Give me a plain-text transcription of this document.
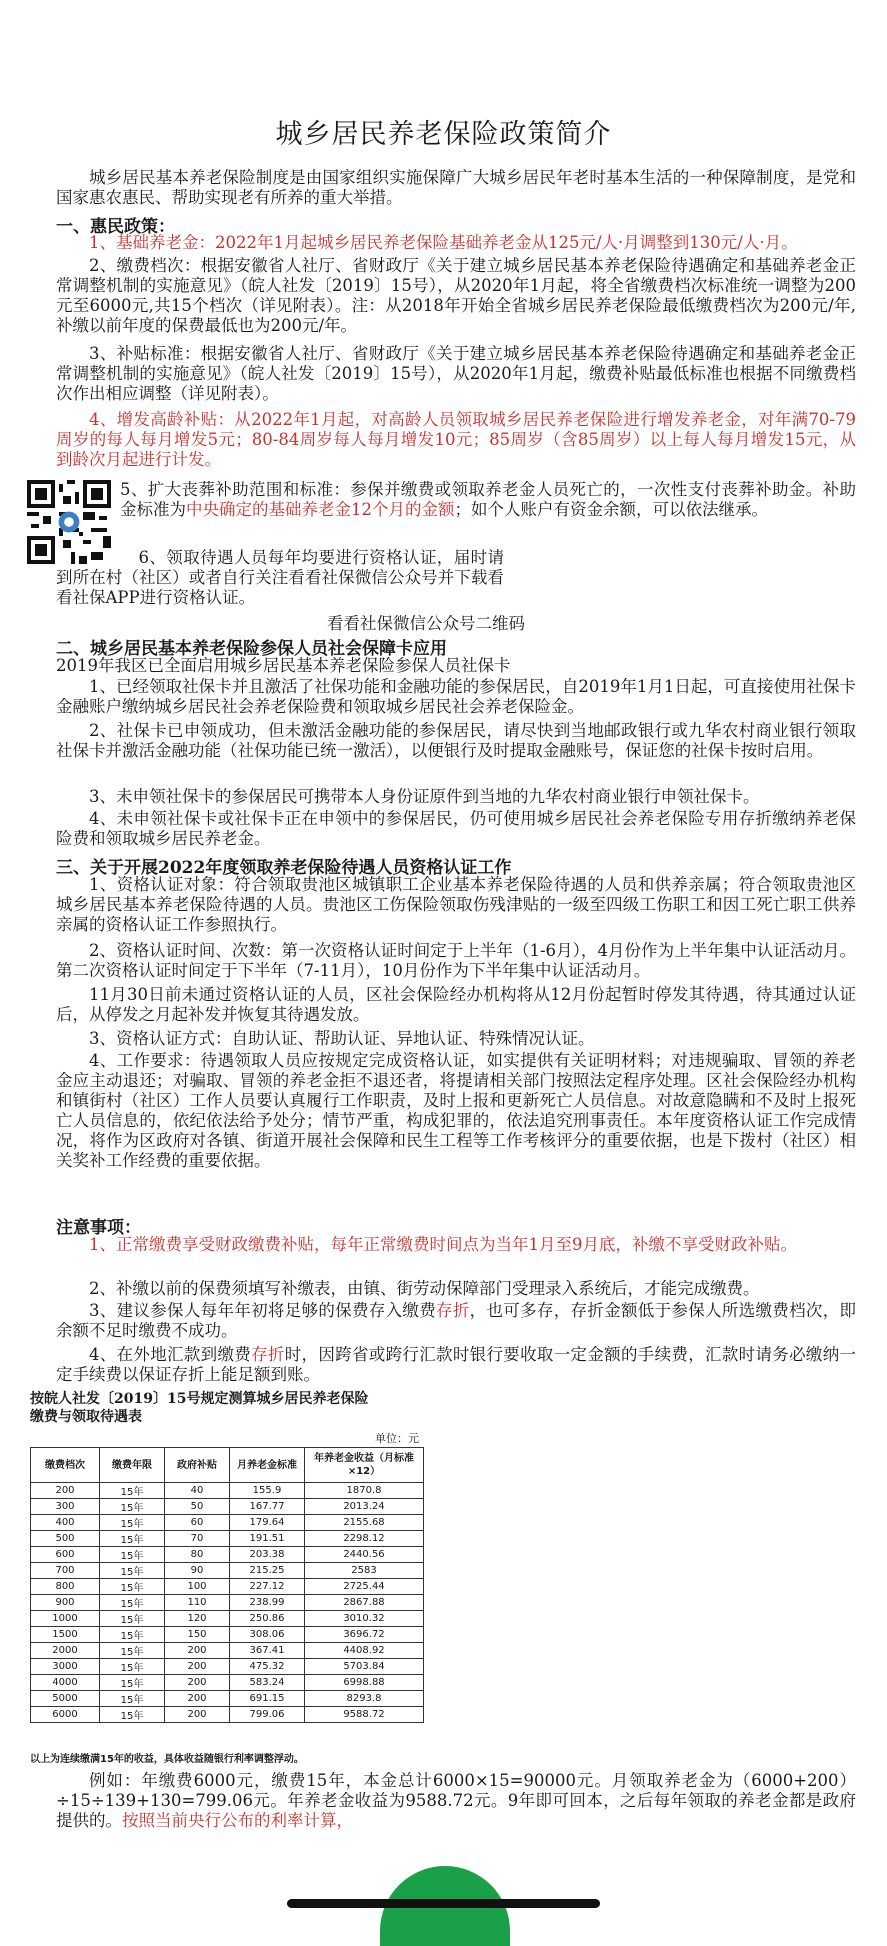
城乡居民养老保险政策简介
城乡居民基本养老保险制度是由国家组织实施保障广大城乡居民年老时基本生活的一种保障制度，是党和国家惠农惠民、帮助实现老有所养的重大举措。
一、惠民政策：
1、基础养老金：2022年1月起城乡居民养老保险基础养老金从125元/人·月调整到130元/人·月。
2、缴费档次：根据安徽省人社厅、省财政厅《关于建立城乡居民基本养老保险待遇确定和基础养老金正常调整机制的实施意见》（皖人社发〔2019〕15号），从2020年1月起，将全省缴费档次标准统一调整为200元至6000元,共15个档次（详见附表）。注：从2018年开始全省城乡居民养老保险最低缴费档次为200元/年,补缴以前年度的保费最低也为200元/年。
3、补贴标准：根据安徽省人社厅、省财政厅《关于建立城乡居民基本养老保险待遇确定和基础养老金正常调整机制的实施意见》（皖人社发〔2019〕15号），从2020年1月起，缴费补贴最低标准也根据不同缴费档次作出相应调整（详见附表）。
4、增发高龄补贴：从2022年1月起，对高龄人员领取城乡居民养老保险进行增发养老金，对年满70-79周岁的每人每月增发5元；80-84周岁每人每月增发10元；85周岁（含85周岁）以上每人每月增发15元，从到龄次月起进行计发。
5、扩大丧葬补助范围和标准：参保并缴费或领取养老金人员死亡的，一次性支付丧葬补助金。补助金标准为中央确定的基础养老金12个月的金额；如个人账户有资金余额，可以依法继承。
6、领取待遇人员每年均要进行资格认证，届时请到所在村（社区）或者自行关注看看社保微信公众号并下载看看社保APP进行资格认证。
看看社保微信公众号二维码
二、城乡居民基本养老保险参保人员社会保障卡应用
2019年我区已全面启用城乡居民基本养老保险参保人员社保卡
1、已经领取社保卡并且激活了社保功能和金融功能的参保居民，自2019年1月1日起，可直接使用社保卡金融账户缴纳城乡居民社会养老保险费和领取城乡居民社会养老保险金。
2、社保卡已申领成功，但未激活金融功能的参保居民，请尽快到当地邮政银行或九华农村商业银行领取社保卡并激活金融功能（社保功能已统一激活），以便银行及时提取金融账号，保证您的社保卡按时启用。
3、未申领社保卡的参保居民可携带本人身份证原件到当地的九华农村商业银行申领社保卡。
4、未申领社保卡或社保卡正在申领中的参保居民，仍可使用城乡居民社会养老保险专用存折缴纳养老保险费和领取城乡居民养老金。
三、关于开展2022年度领取养老保险待遇人员资格认证工作
1、资格认证对象：符合领取贵池区城镇职工企业基本养老保险待遇的人员和供养亲属；符合领取贵池区城乡居民基本养老保险待遇的人员。贵池区工伤保险领取伤残津贴的一级至四级工伤职工和因工死亡职工供养亲属的资格认证工作参照执行。
2、资格认证时间、次数：第一次资格认证时间定于上半年（1-6月），4月份作为上半年集中认证活动月。第二次资格认证时间定于下半年（7-11月），10月份作为下半年集中认证活动月。
11月30日前未通过资格认证的人员，区社会保险经办机构将从12月份起暂时停发其待遇，待其通过认证后，从停发之月起补发并恢复其待遇发放。
3、资格认证方式：自助认证、帮助认证、异地认证、特殊情况认证。
4、工作要求：待遇领取人员应按规定完成资格认证，如实提供有关证明材料；对违规骗取、冒领的养老金应主动退还；对骗取、冒领的养老金拒不退还者，将提请相关部门按照法定程序处理。区社会保险经办机构和镇街村（社区）工作人员要认真履行工作职责，及时上报和更新死亡人员信息。对故意隐瞒和不及时上报死亡人员信息的，依纪依法给予处分；情节严重，构成犯罪的，依法追究刑事责任。本年度资格认证工作完成情况，将作为区政府对各镇、街道开展社会保障和民生工程等工作考核评分的重要依据，也是下拨村（社区）相关奖补工作经费的重要依据。
注意事项：
1、正常缴费享受财政缴费补贴，每年正常缴费时间点为当年1月至9月底，补缴不享受财政补贴。
2、补缴以前的保费须填写补缴表，由镇、街劳动保障部门受理录入系统后，才能完成缴费。
3、建议参保人每年年初将足够的保费存入缴费存折，也可多存，存折金额低于参保人所选缴费档次，即余额不足时缴费不成功。
4、在外地汇款到缴费存折时，因跨省或跨行汇款时银行要收取一定金额的手续费，汇款时请务必缴纳一定手续费以保证存折上能足额到账。
按皖人社发〔2019〕15号规定测算城乡居民养老保险
缴费与领取待遇表
单位：元
缴费档次	缴费年限	政府补贴	月养老金标准	年养老金收益（月标准×12）
200	15年	40	155.9	1870.8
300	15年	50	167.77	2013.24
400	15年	60	179.64	2155.68
500	15年	70	191.51	2298.12
600	15年	80	203.38	2440.56
700	15年	90	215.25	2583
800	15年	100	227.12	2725.44
900	15年	110	238.99	2867.88
1000	15年	120	250.86	3010.32
1500	15年	150	308.06	3696.72
2000	15年	200	367.41	4408.92
3000	15年	200	475.32	5703.84
4000	15年	200	583.24	6998.88
5000	15年	200	691.15	8293.8
6000	15年	200	799.06	9588.72
以上为连续缴满15年的收益，具体收益随银行利率调整浮动。
例如：年缴费6000元，缴费15年，本金总计6000×15=90000元。月领取养老金为（6000+200）÷15÷139+130=799.06元。年养老金收益为9588.72元。9年即可回本，之后每年领取的养老金都是政府提供的。按照当前央行公布的利率计算，
